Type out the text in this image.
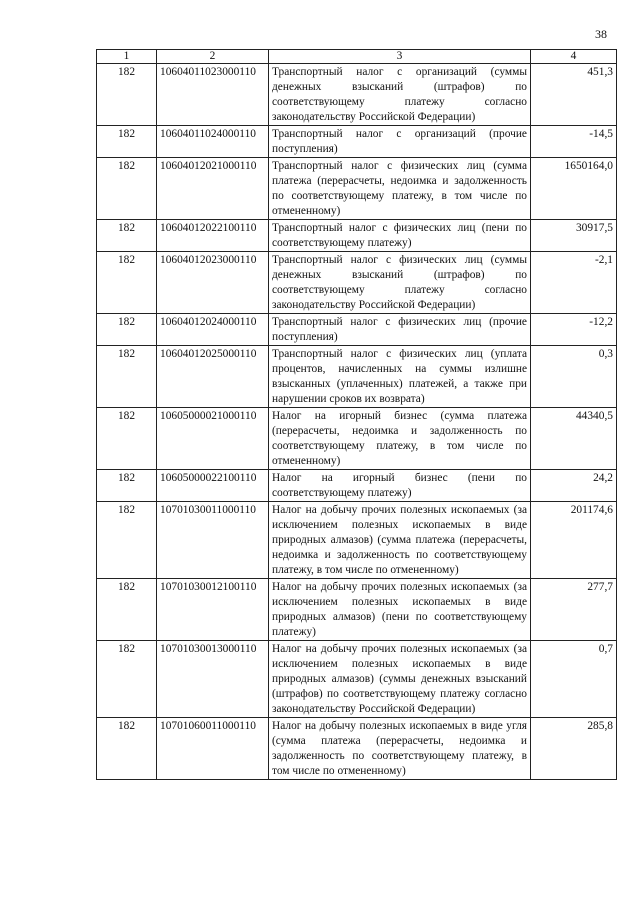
38
1	2	3	4
182	10604011023000110	Транспортный налог с организаций (суммы денежных взысканий (штрафов) по соответствующему платежу согласно законодательству Российской Федерации)	451,3
182	10604011024000110	Транспортный налог с организаций (прочие поступления)	-14,5
182	10604012021000110	Транспортный налог с физических лиц (сумма платежа (перерасчеты, недоимка и задолженность по соответствующему платежу, в том числе по отмененному)	1650164,0
182	10604012022100110	Транспортный налог с физических лиц (пени по соответствующему платежу)	30917,5
182	10604012023000110	Транспортный налог с физических лиц (суммы денежных взысканий (штрафов) по соответствующему платежу согласно законодательству Российской Федерации)	-2,1
182	10604012024000110	Транспортный налог с физических лиц (прочие поступления)	-12,2
182	10604012025000110	Транспортный налог с физических лиц (уплата процентов, начисленных на суммы излишне взысканных (уплаченных) платежей, а также при нарушении сроков их возврата)	0,3
182	10605000021000110	Налог на игорный бизнес (сумма платежа (перерасчеты, недоимка и задолженность по соответствующему платежу, в том числе по отмененному)	44340,5
182	10605000022100110	Налог на игорный бизнес (пени по соответствующему платежу)	24,2
182	10701030011000110	Налог на добычу прочих полезных ископаемых (за исключением полезных ископаемых в виде природных алмазов) (сумма платежа (перерасчеты, недоимка и задолженность по соответствующему платежу, в том числе по отмененному)	201174,6
182	10701030012100110	Налог на добычу прочих полезных ископаемых (за исключением полезных ископаемых в виде природных алмазов) (пени по соответствующему платежу)	277,7
182	10701030013000110	Налог на добычу прочих полезных ископаемых (за исключением полезных ископаемых в виде природных алмазов) (суммы денежных взысканий (штрафов) по соответствующему платежу согласно законодательству Российской Федерации)	0,7
182	10701060011000110	Налог на добычу полезных ископаемых в виде угля (сумма платежа (перерасчеты, недоимка и задолженность по соответствующему платежу, в том числе по отмененному)	285,8
